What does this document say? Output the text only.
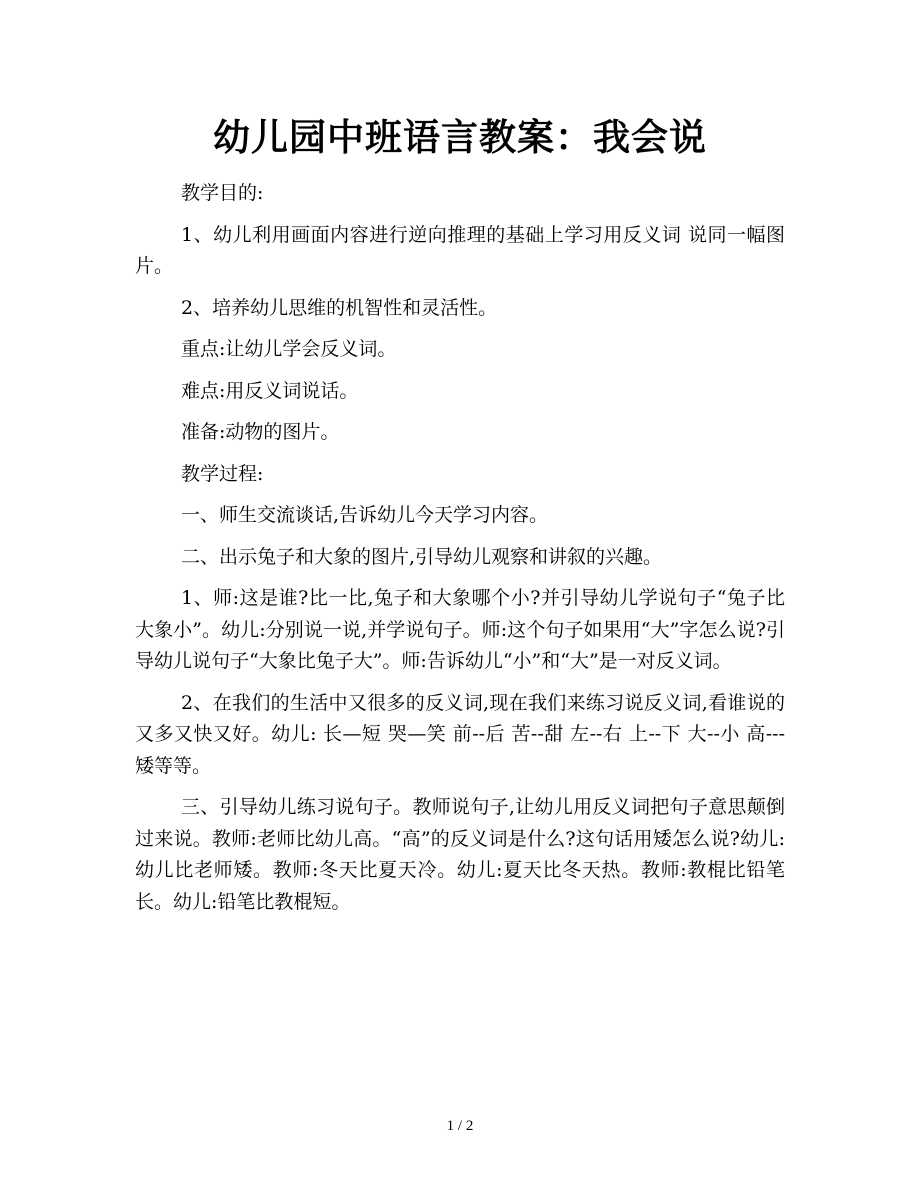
幼儿园中班语言教案：我会说

教学目的:

1、幼儿利用画面内容进行逆向推理的基础上学习用反义词 说同一幅图片。

2、培养幼儿思维的机智性和灵活性。

重点:让幼儿学会反义词。

难点:用反义词说话。

准备:动物的图片。

教学过程:

一、师生交流谈话,告诉幼儿今天学习内容。

二、出示兔子和大象的图片,引导幼儿观察和讲叙的兴趣。

1、师:这是谁?比一比,兔子和大象哪个小?并引导幼儿学说句子“兔子比大象小”。幼儿:分别说一说,并学说句子。师:这个句子如果用“大”字怎么说?引导幼儿说句子“大象比兔子大”。师:告诉幼儿“小”和“大”是一对反义词。

2、在我们的生活中又很多的反义词,现在我们来练习说反义词,看谁说的又多又快又好。幼儿: 长—短 哭—笑 前--后 苦--甜 左--右 上--下 大--小 高---矮等等。

三、引导幼儿练习说句子。教师说句子,让幼儿用反义词把句子意思颠倒过来说。教师:老师比幼儿高。“高”的反义词是什么?这句话用矮怎么说?幼儿:幼儿比老师矮。教师:冬天比夏天冷。幼儿:夏天比冬天热。教师:教棍比铅笔长。幼儿:铅笔比教棍短。

1 / 2
